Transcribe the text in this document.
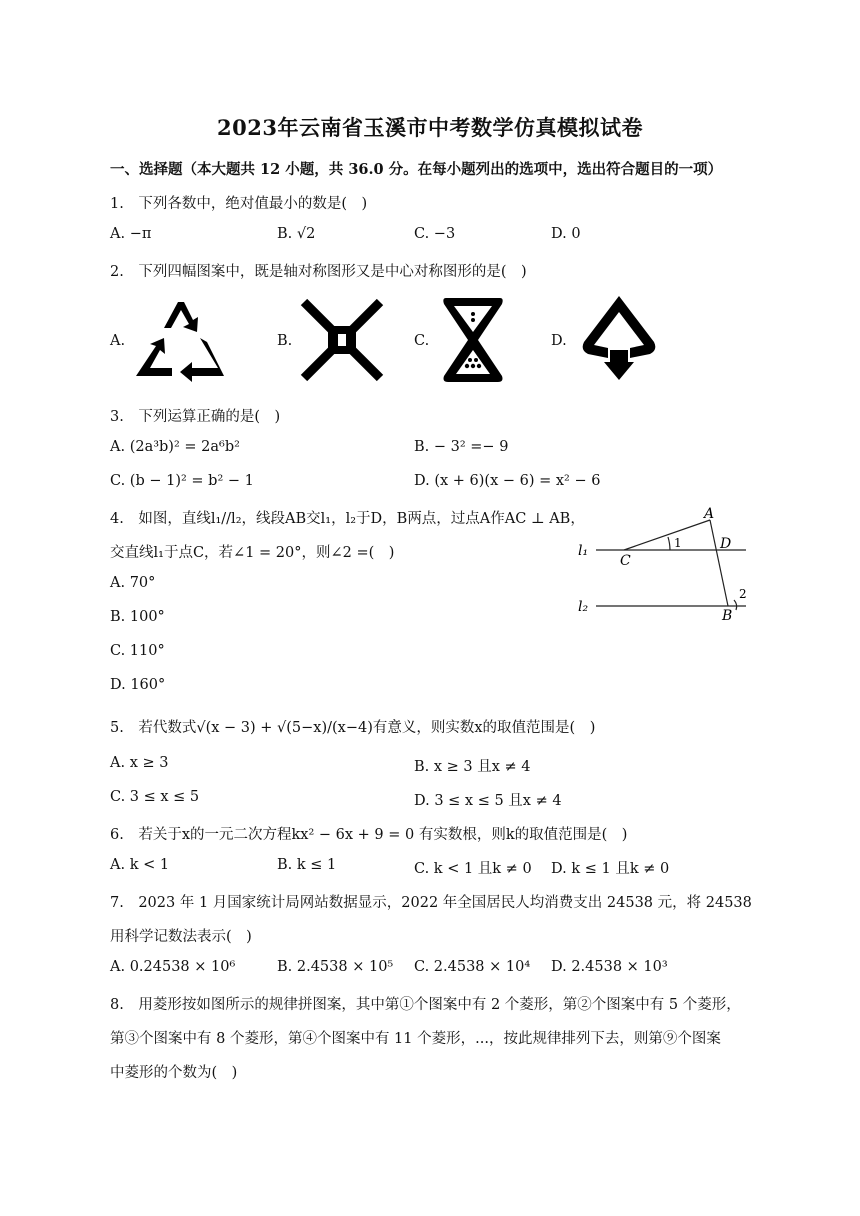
2023年云南省玉溪市中考数学仿真模拟试卷
一、选择题（本大题共 12 小题，共 36.0 分。在每小题列出的选项中，选出符合题目的一项）
1.　下列各数中，绝对值最小的数是(　)
A. −π	B. √2	C. −3	D. 0
2.　下列四幅图案中，既是轴对称图形又是中心对称图形的是(　)
A.	B.	C.	D.
3.　下列运算正确的是(　)
A. (2a³b)² = 2a⁶b²	B. − 3² =− 9
C. (b − 1)² = b² − 1	D. (x + 6)(x − 6) = x² − 6
4.　如图，直线l₁//l₂，线段AB交l₁，l₂于D，B两点，过点A作AC ⊥ AB，
交直线l₁于点C，若∠1 = 20°，则∠2 =(　)
A. 70°
B. 100°
C. 110°
D. 160°
A
D
C
B
l₁
l₂
1
2
5.　若代数式√(x − 3) + √(5−x)/(x−4)有意义，则实数x的取值范围是(　)
A. x ≥ 3	B. x ≥ 3 且x ≠ 4
C. 3 ≤ x ≤ 5	D. 3 ≤ x ≤ 5 且x ≠ 4
6.　若关于x的一元二次方程kx² − 6x + 9 = 0 有实数根，则k的取值范围是(　)
A. k < 1	B. k ≤ 1	C. k < 1 且k ≠ 0 D. k ≤ 1 且k ≠ 0
7.　2023 年 1 月国家统计局网站数据显示，2022 年全国居民人均消费支出 24538 元，将 24538
用科学记数法表示(　)
A. 0.24538 × 10⁶	B. 2.4538 × 10⁵ C. 2.4538 × 10⁴ D. 2.4538 × 10³
8.　用菱形按如图所示的规律拼图案，其中第①个图案中有 2 个菱形，第②个图案中有 5 个菱形，
第③个图案中有 8 个菱形，第④个图案中有 11 个菱形，...，按此规律排列下去，则第⑨个图案
中菱形的个数为(　)
